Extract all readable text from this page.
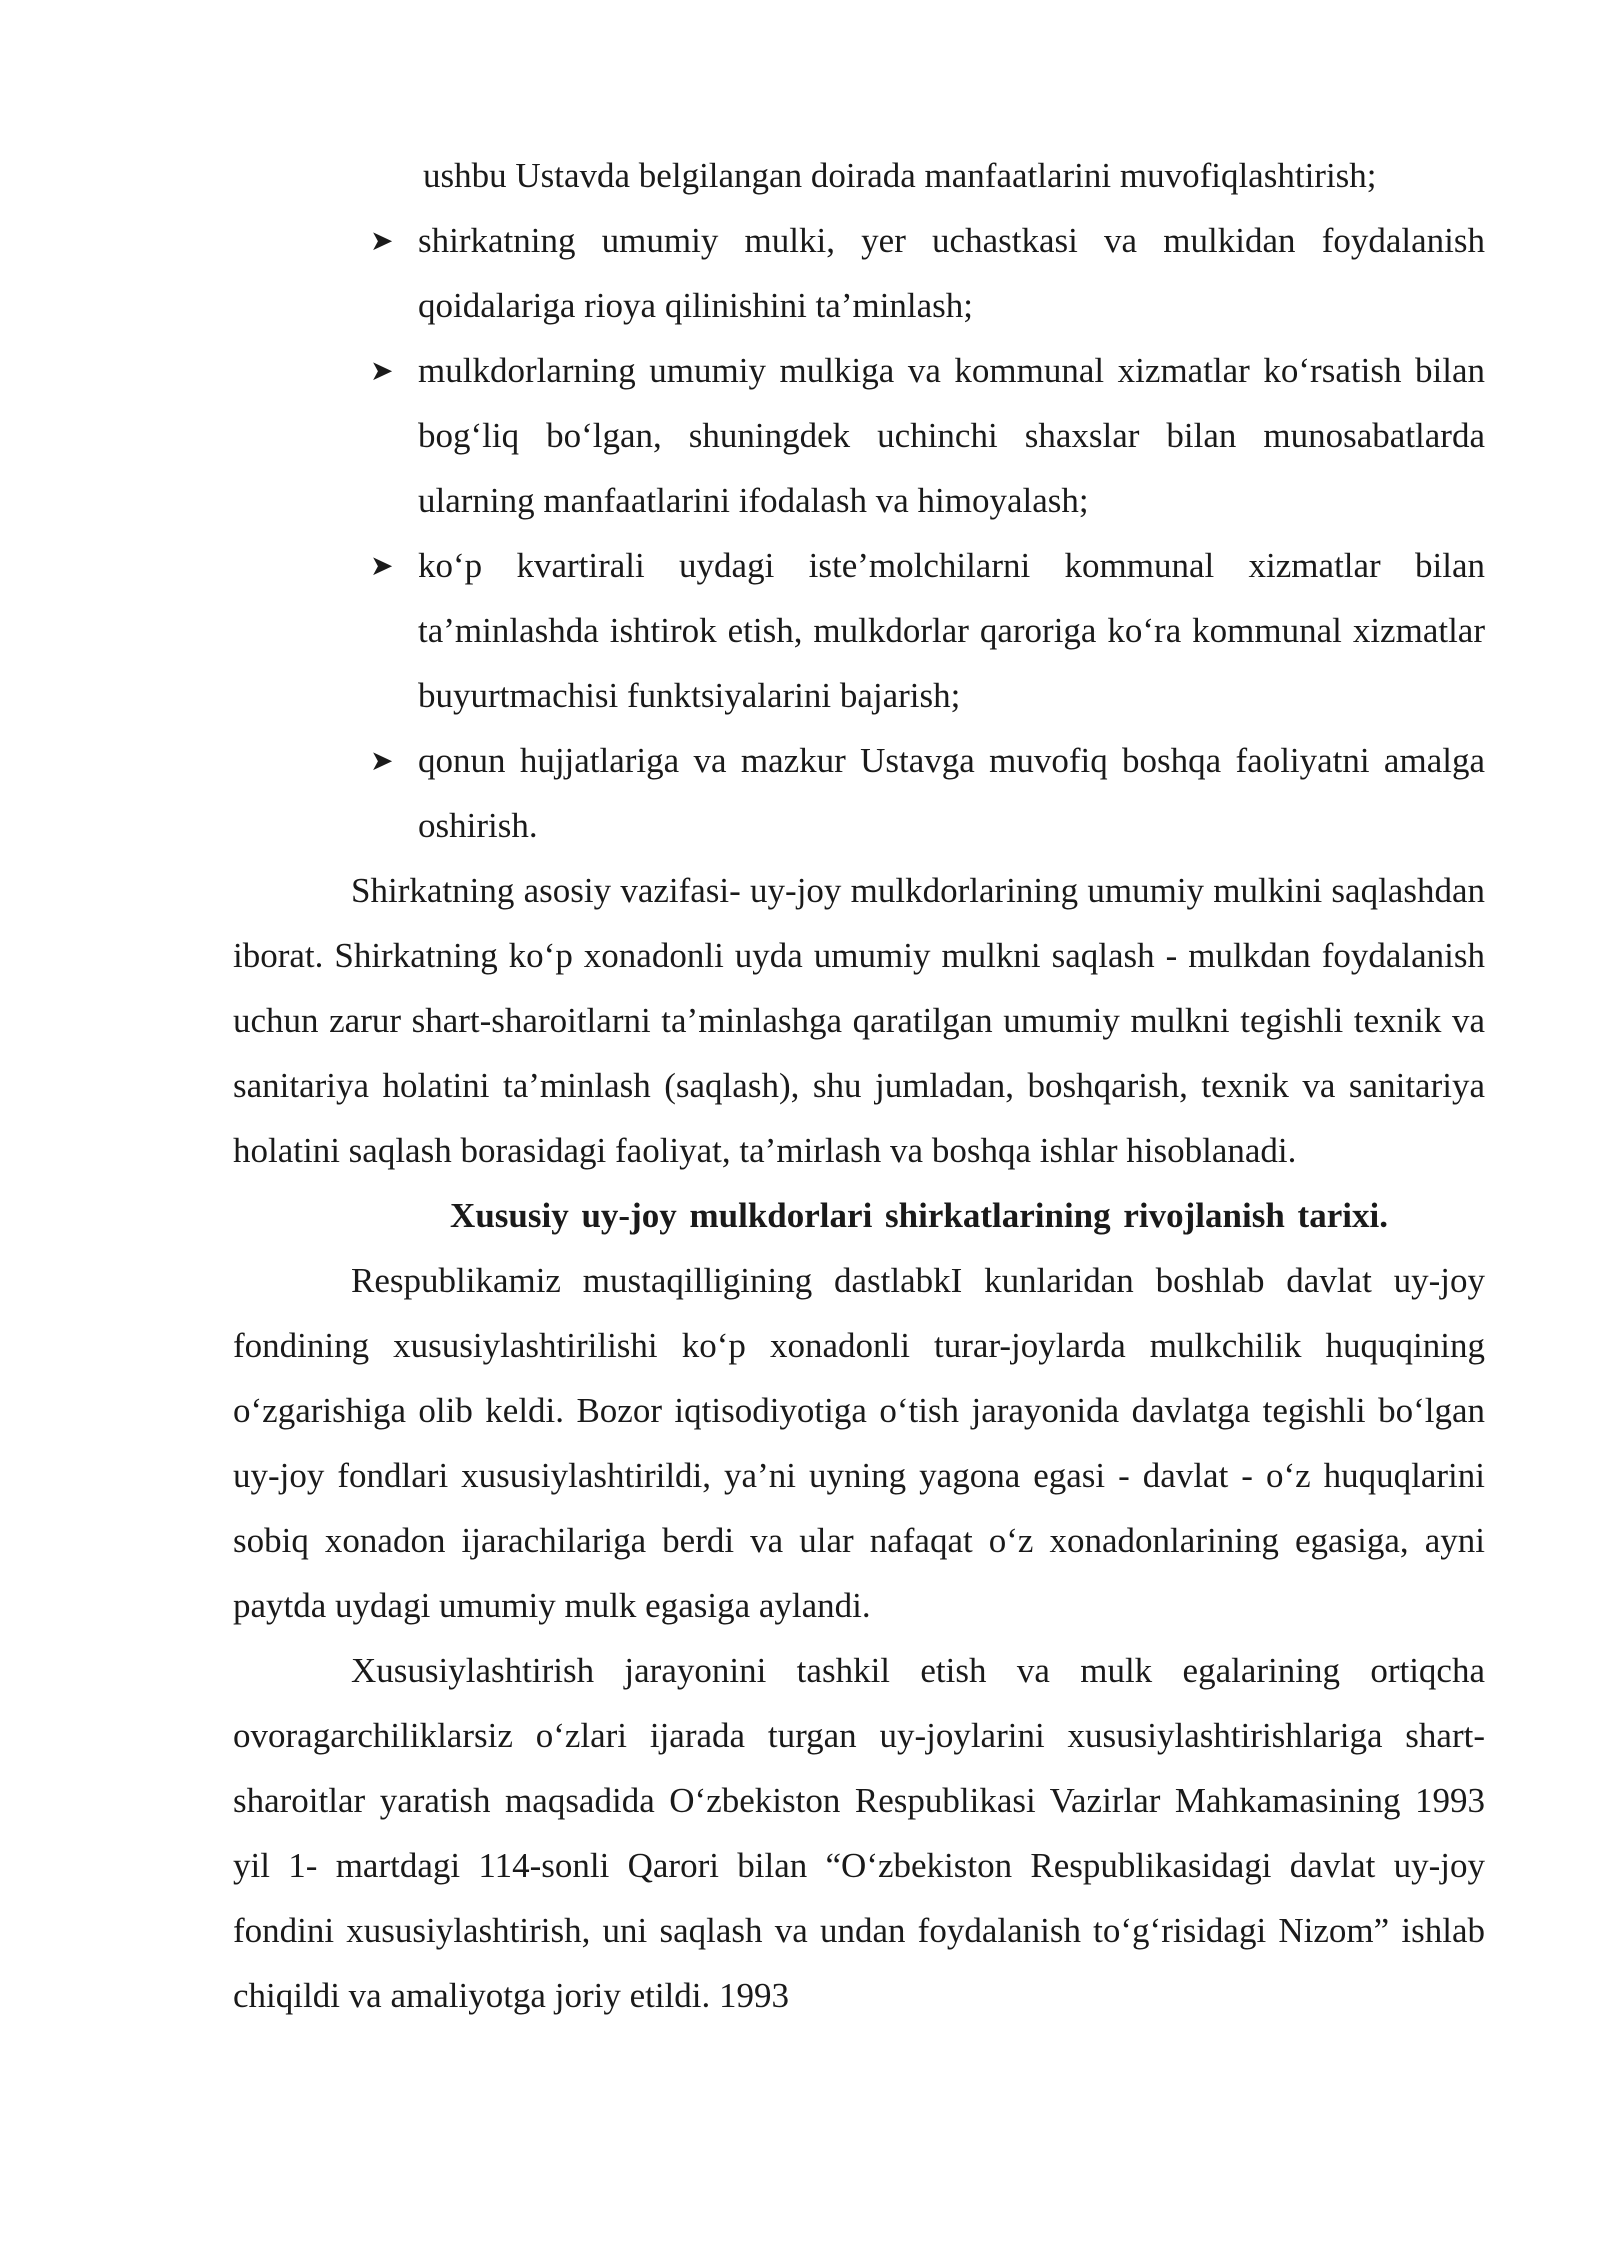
ushbu Ustavda belgilangan doirada manfaatlarini muvofiqlashtirish;
➤ shirkatning umumiy mulki, yer uchastkasi va mulkidan foydalanish qoidalariga rioya qilinishini ta’minlash;
➤ mulkdorlarning umumiy mulkiga va kommunal xizmatlar ko‘rsatish bilan bog‘liq bo‘lgan, shuningdek uchinchi shaxslar bilan munosabatlarda ularning manfaatlarini ifodalash va himoyalash;
➤ ko‘p kvartirali uydagi iste’molchilarni kommunal xizmatlar bilan ta’minlashda ishtirok etish, mulkdorlar qaroriga ko‘ra kommunal xizmatlar buyurtmachisi funktsiyalarini bajarish;
➤ qonun hujjatlariga va mazkur Ustavga muvofiq boshqa faoliyatni amalga oshirish.

Shirkatning asosiy vazifasi- uy-joy mulkdorlarining umumiy mulkini saqlashdan iborat. Shirkatning ko‘p xonadonli uyda umumiy mulkni saqlash - mulkdan foydalanish uchun zarur shart-sharoitlarni ta’minlashga qaratilgan umumiy mulkni tegishli texnik va sanitariya holatini ta’minlash (saqlash), shu jumladan, boshqarish, texnik va sanitariya holatini saqlash borasidagi faoliyat, ta’mirlash va boshqa ishlar hisoblanadi.

Xususiy uy-joy mulkdorlari shirkatlarining rivojlanish tarixi.

Respublikamiz mustaqilligining dastlabkI kunlaridan boshlab davlat uy-joy fondining xususiylashtirilishi ko‘p xonadonli turar-joylarda mulkchilik huquqining o‘zgarishiga olib keldi. Bozor iqtisodiyotiga o‘tish jarayonida davlatga tegishli bo‘lgan uy-joy fondlari xususiylashtirildi, ya’ni uyning yagona egasi - davlat - o‘z huquqlarini sobiq xonadon ijarachilariga berdi va ular nafaqat o‘z xonadonlarining egasiga, ayni paytda uydagi umumiy mulk egasiga aylandi.

Xususiylashtirish jarayonini tashkil etish va mulk egalarining ortiqcha ovoragarchiliklarsiz o‘zlari ijarada turgan uy-joylarini xususiylashtirishlariga shart-sharoitlar yaratish maqsadida O‘zbekiston Respublikasi Vazirlar Mahkamasining 1993 yil 1- martdagi 114-sonli Qarori bilan “O‘zbekiston Respublikasidagi davlat uy-joy fondini xususiylashtirish, uni saqlash va undan foydalanish to‘g‘risidagi Nizom” ishlab chiqildi va amaliyotga joriy etildi. 1993
